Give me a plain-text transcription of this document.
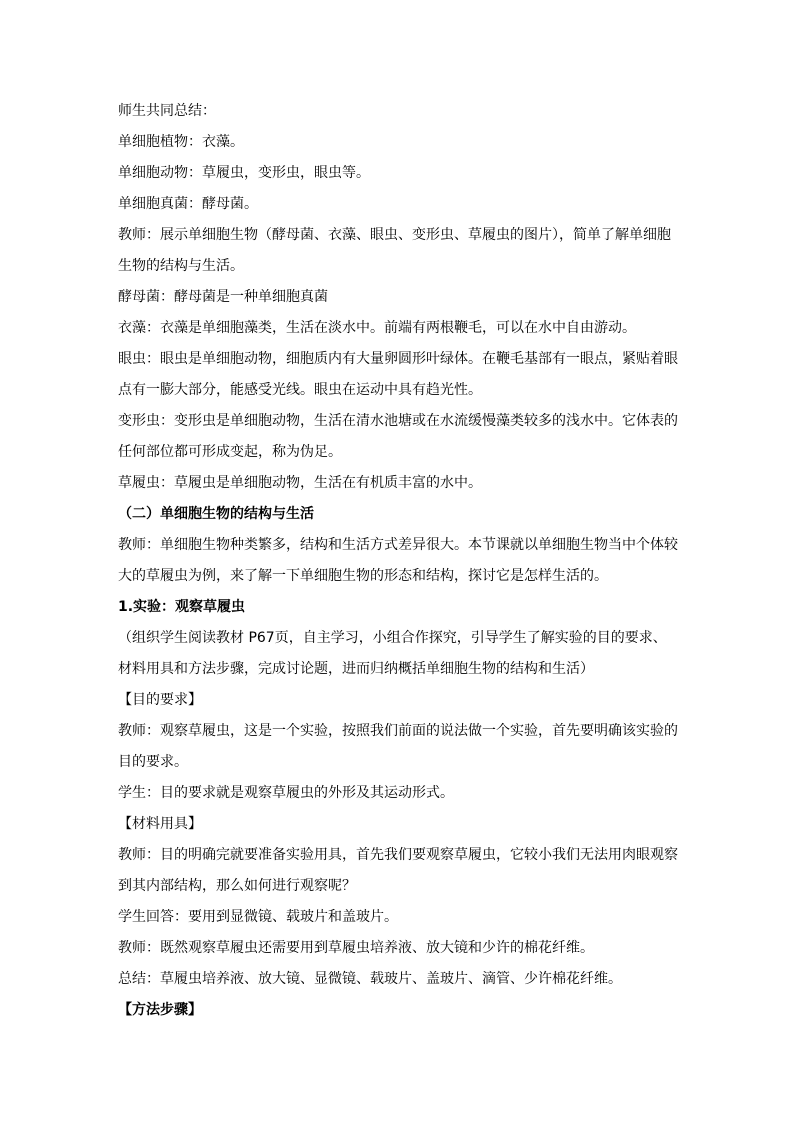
师生共同总结：

单细胞植物：衣藻。

单细胞动物：草履虫，变形虫，眼虫等。

单细胞真菌：酵母菌。

教师：展示单细胞生物（酵母菌、衣藻、眼虫、变形虫、草履虫的图片），简单了解单细胞生物的结构与生活。

酵母菌：酵母菌是一种单细胞真菌

衣藻：衣藻是单细胞藻类，生活在淡水中。前端有两根鞭毛，可以在水中自由游动。

眼虫：眼虫是单细胞动物，细胞质内有大量卵圆形叶绿体。在鞭毛基部有一眼点，紧贴着眼点有一膨大部分，能感受光线。眼虫在运动中具有趋光性。

变形虫：变形虫是单细胞动物，生活在清水池塘或在水流缓慢藻类较多的浅水中。它体表的任何部位都可形成变起，称为伪足。

草履虫：草履虫是单细胞动物，生活在有机质丰富的水中。

（二）单细胞生物的结构与生活

教师：单细胞生物种类繁多，结构和生活方式差异很大。本节课就以单细胞生物当中个体较大的草履虫为例，来了解一下单细胞生物的形态和结构，探讨它是怎样生活的。

1.实验：观察草履虫

（组织学生阅读教材 P67页，自主学习，小组合作探究，引导学生了解实验的目的要求、材料用具和方法步骤，完成讨论题，进而归纳概括单细胞生物的结构和生活）

【目的要求】

教师：观察草履虫，这是一个实验，按照我们前面的说法做一个实验，首先要明确该实验的目的要求。

学生：目的要求就是观察草履虫的外形及其运动形式。

【材料用具】

教师：目的明确完就要准备实验用具，首先我们要观察草履虫，它较小我们无法用肉眼观察到其内部结构，那么如何进行观察呢？

学生回答：要用到显微镜、载玻片和盖玻片。

教师：既然观察草履虫还需要用到草履虫培养液、放大镜和少许的棉花纤维。

总结：草履虫培养液、放大镜、显微镜、载玻片、盖玻片、滴管、少许棉花纤维。

【方法步骤】
